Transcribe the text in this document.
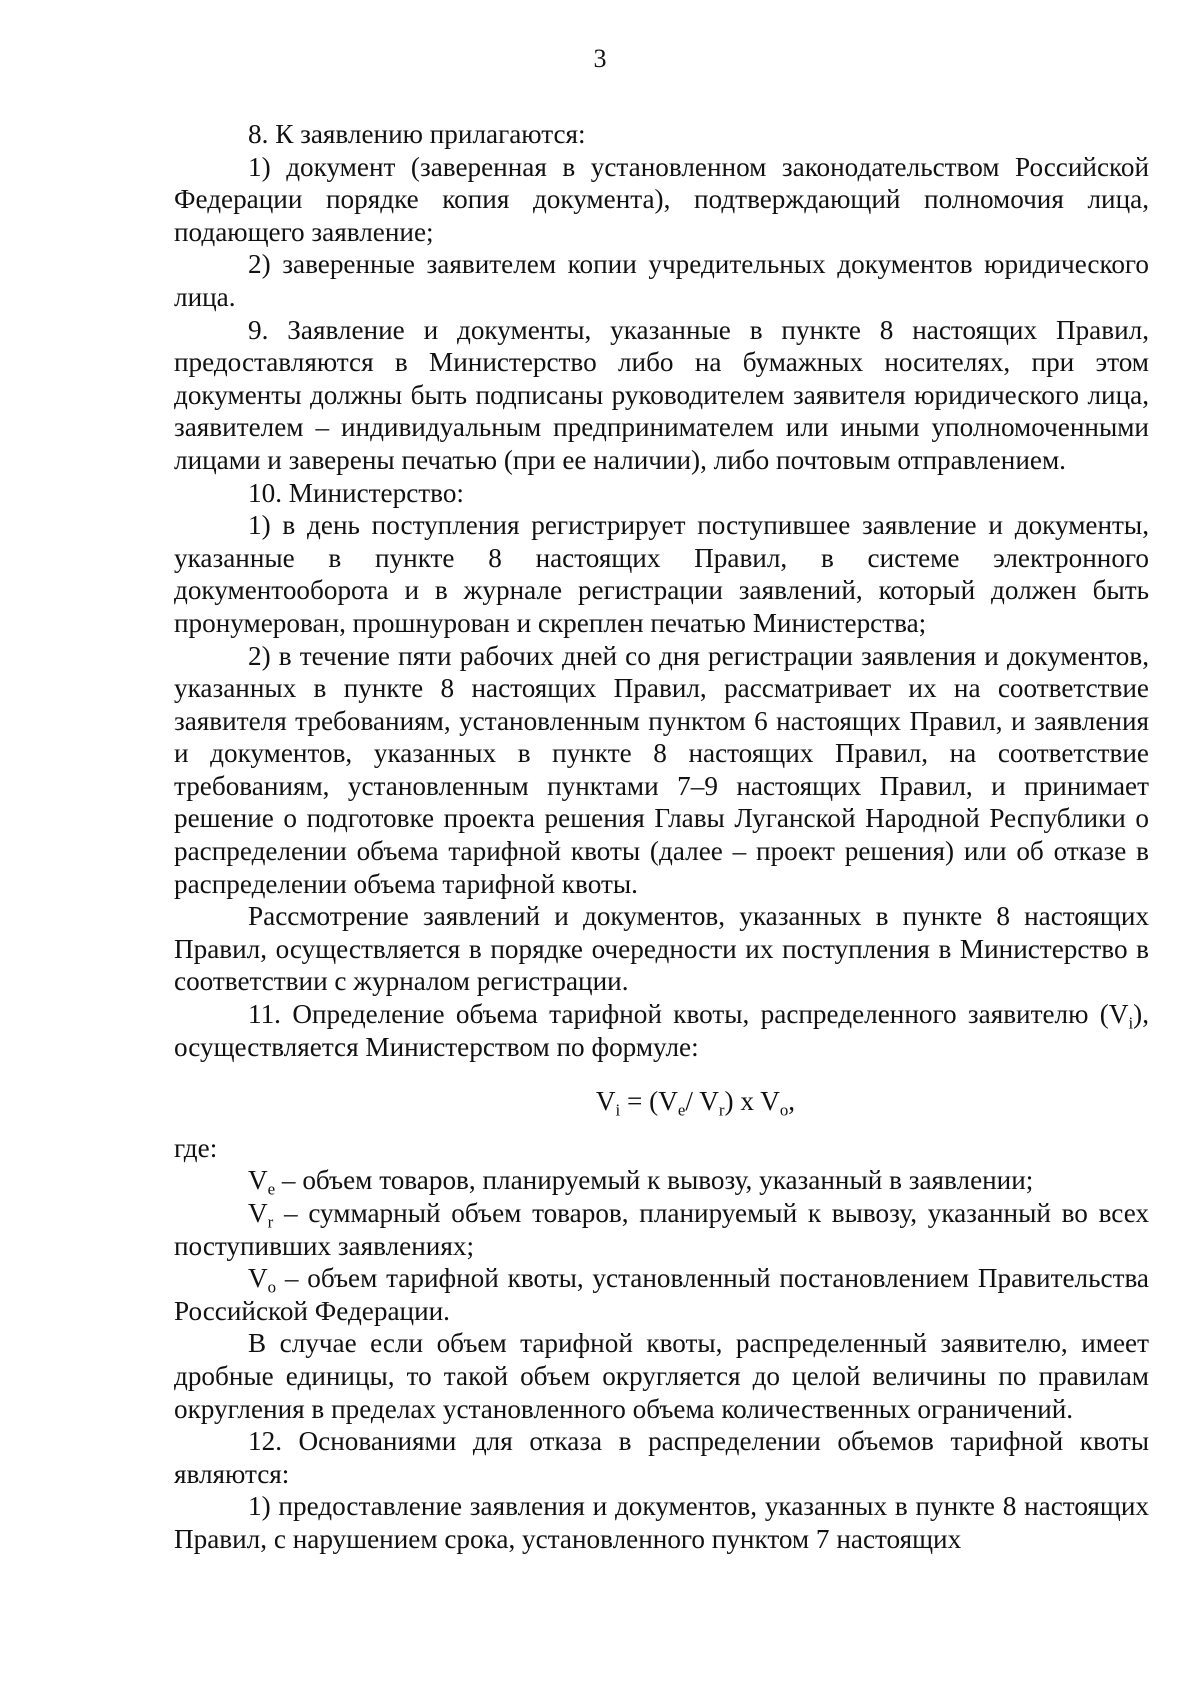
3

8. К заявлению прилагаются:

1) документ (заверенная в установленном законодательством Российской Федерации порядке копия документа), подтверждающий полномочия лица, подающего заявление;

2) заверенные заявителем копии учредительных документов юридического лица.

9. Заявление и документы, указанные в пункте 8 настоящих Правил, предоставляются в Министерство либо на бумажных носителях, при этом документы должны быть подписаны руководителем заявителя юридического лица, заявителем – индивидуальным предпринимателем или иными уполномоченными лицами и заверены печатью (при ее наличии), либо почтовым отправлением.

10. Министерство:

1) в день поступления регистрирует поступившее заявление и документы, указанные в пункте 8 настоящих Правил, в системе электронного документооборота и в журнале регистрации заявлений, который должен быть пронумерован, прошнурован и скреплен печатью Министерства;

2) в течение пяти рабочих дней со дня регистрации заявления и документов, указанных в пункте 8 настоящих Правил, рассматривает их на соответствие заявителя требованиям, установленным пунктом 6 настоящих Правил, и заявления и документов, указанных в пункте 8 настоящих Правил, на соответствие требованиям, установленным пунктами 7–9 настоящих Правил, и принимает решение о подготовке проекта решения Главы Луганской Народной Республики о распределении объема тарифной квоты (далее – проект решения) или об отказе в распределении объема тарифной квоты.

Рассмотрение заявлений и документов, указанных в пункте 8 настоящих Правил, осуществляется в порядке очередности их поступления в Министерство в соответствии с журналом регистрации.

11. Определение объема тарифной квоты, распределенного заявителю $(V_i)$, осуществляется Министерством по формуле:

$V_i = (V_e/$ $V_r$) x $V_o$,

где:

$V_e$ – объем товаров, планируемый к вывозу, указанный в заявлении;

$V_r$ – суммарный объем товаров, планируемый к вывозу, указанный во всех поступивших заявлениях;

$V_o$ – объем тарифной квоты, установленный постановлением Правительства Российской Федерации.

В случае если объем тарифной квоты, распределенный заявителю, имеет дробные единицы, то такой объем округляется до целой величины по правилам округления в пределах установленного объема количественных ограничений.

12. Основаниями для отказа в распределении объемов тарифной квоты являются:

1) предоставление заявления и документов, указанных в пункте 8 настоящих Правил, с нарушением срока, установленного пунктом 7 настоящих
